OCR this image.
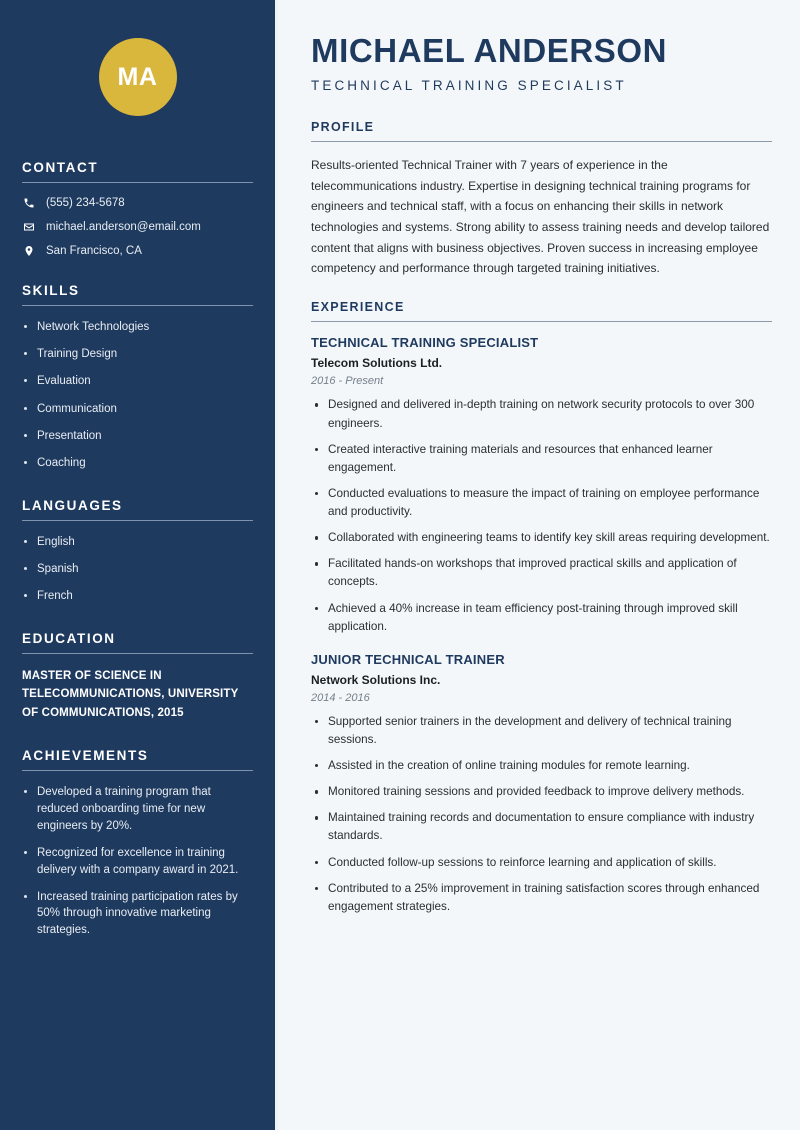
MA
CONTACT
(555) 234-5678
michael.anderson@email.com
San Francisco, CA
SKILLS
Network Technologies
Training Design
Evaluation
Communication
Presentation
Coaching
LANGUAGES
English
Spanish
French
EDUCATION
MASTER OF SCIENCE IN TELECOMMUNICATIONS, UNIVERSITY OF COMMUNICATIONS, 2015
ACHIEVEMENTS
Developed a training program that reduced onboarding time for new engineers by 20%.
Recognized for excellence in training delivery with a company award in 2021.
Increased training participation rates by 50% through innovative marketing strategies.
MICHAEL ANDERSON
TECHNICAL TRAINING SPECIALIST
PROFILE

Results-oriented Technical Trainer with 7 years of experience in the telecommunications industry. Expertise in designing technical training programs for engineers and technical staff, with a focus on enhancing their skills in network technologies and systems. Strong ability to assess training needs and develop tailored content that aligns with business objectives. Proven success in increasing employee competency and performance through targeted training initiatives.

EXPERIENCE
TECHNICAL TRAINING SPECIALIST
Telecom Solutions Ltd.
2016 - Present
Designed and delivered in-depth training on network security protocols to over 300 engineers.
Created interactive training materials and resources that enhanced learner engagement.
Conducted evaluations to measure the impact of training on employee performance and productivity.
Collaborated with engineering teams to identify key skill areas requiring development.
Facilitated hands-on workshops that improved practical skills and application of concepts.
Achieved a 40% increase in team efficiency post-training through improved skill application.
JUNIOR TECHNICAL TRAINER
Network Solutions Inc.
2014 - 2016
Supported senior trainers in the development and delivery of technical training sessions.
Assisted in the creation of online training modules for remote learning.
Monitored training sessions and provided feedback to improve delivery methods.
Maintained training records and documentation to ensure compliance with industry standards.
Conducted follow-up sessions to reinforce learning and application of skills.
Contributed to a 25% improvement in training satisfaction scores through enhanced engagement strategies.
